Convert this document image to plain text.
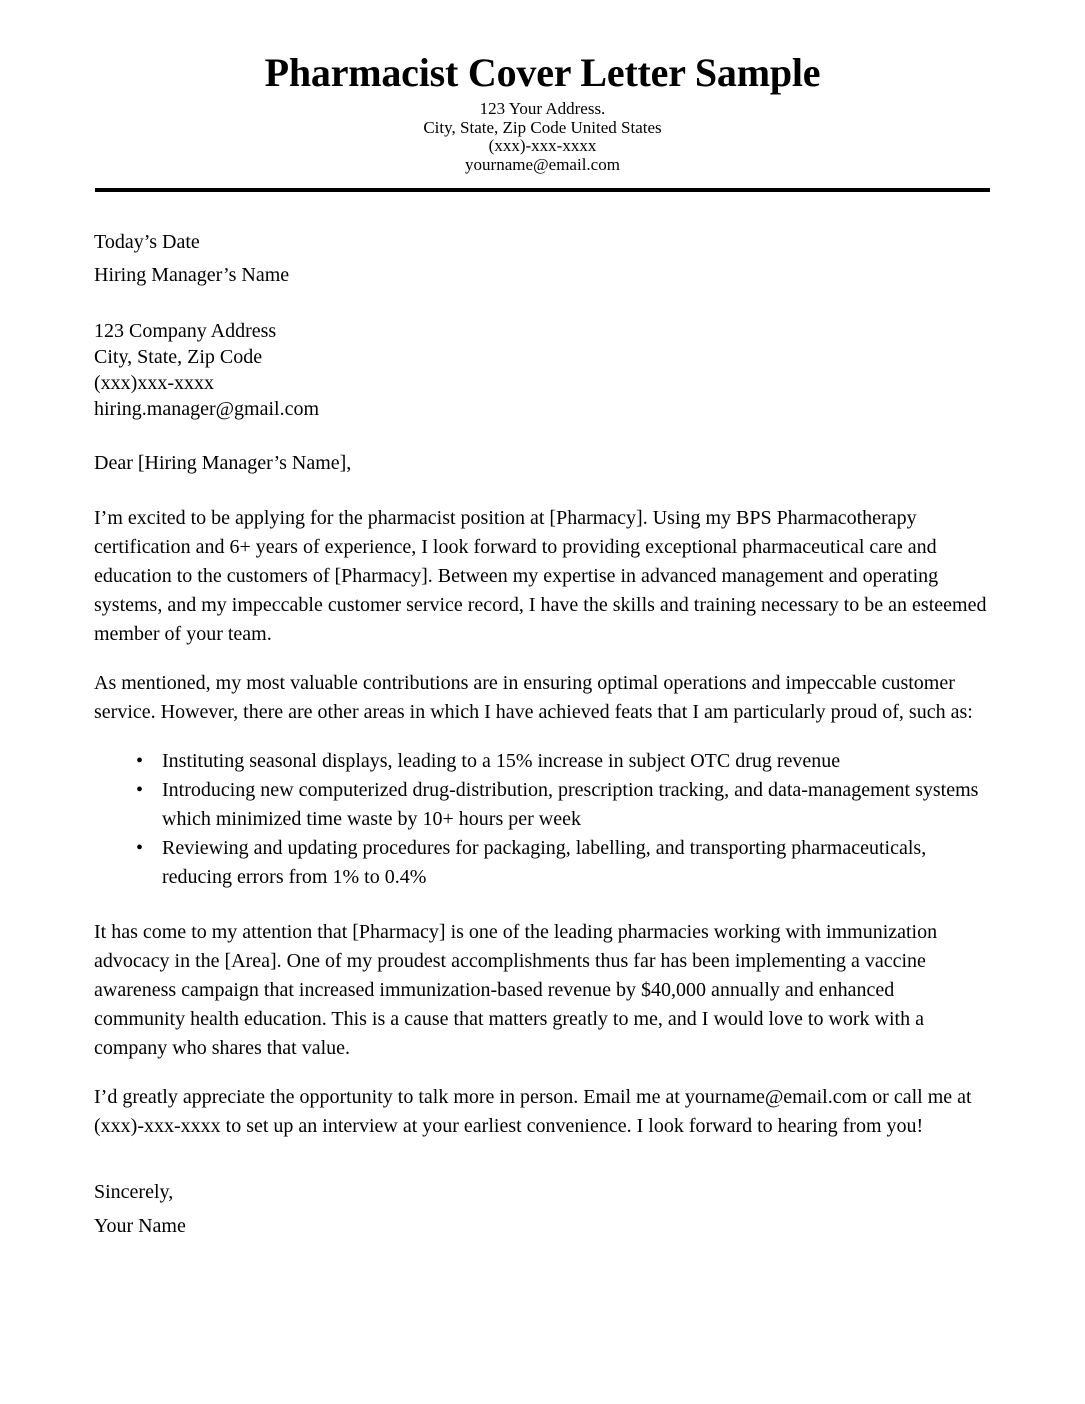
Pharmacist Cover Letter Sample

123 Your Address.

City, State, Zip Code United States

(xxx)-xxx-xxxx

yourname@email.com

Today’s Date

Hiring Manager’s Name

123 Company Address

City, State, Zip Code

(xxx)xxx-xxxx

hiring.manager@gmail.com

Dear [Hiring Manager’s Name],

I’m excited to be applying for the pharmacist position at [Pharmacy]. Using my BPS Pharmacotherapy certification and 6+ years of experience, I look forward to providing exceptional pharmaceutical care and education to the customers of [Pharmacy]. Between my expertise in advanced management and operating systems, and my impeccable customer service record, I have the skills and training necessary to be an esteemed member of your team.

As mentioned, my most valuable contributions are in ensuring optimal operations and impeccable customer service. However, there are other areas in which I have achieved feats that I am particularly proud of, such as:

• Instituting seasonal displays, leading to a 15% increase in subject OTC drug revenue
• Introducing new computerized drug-distribution, prescription tracking, and data-management systems which minimized time waste by 10+ hours per week
• Reviewing and updating procedures for packaging, labelling, and transporting pharmaceuticals, reducing errors from 1% to 0.4%

It has come to my attention that [Pharmacy] is one of the leading pharmacies working with immunization advocacy in the [Area]. One of my proudest accomplishments thus far has been implementing a vaccine awareness campaign that increased immunization-based revenue by $40,000 annually and enhanced community health education. This is a cause that matters greatly to me, and I would love to work with a company who shares that value.

I’d greatly appreciate the opportunity to talk more in person. Email me at yourname@email.com or call me at (xxx)-xxx-xxxx to set up an interview at your earliest convenience. I look forward to hearing from you!

Sincerely,

Your Name
